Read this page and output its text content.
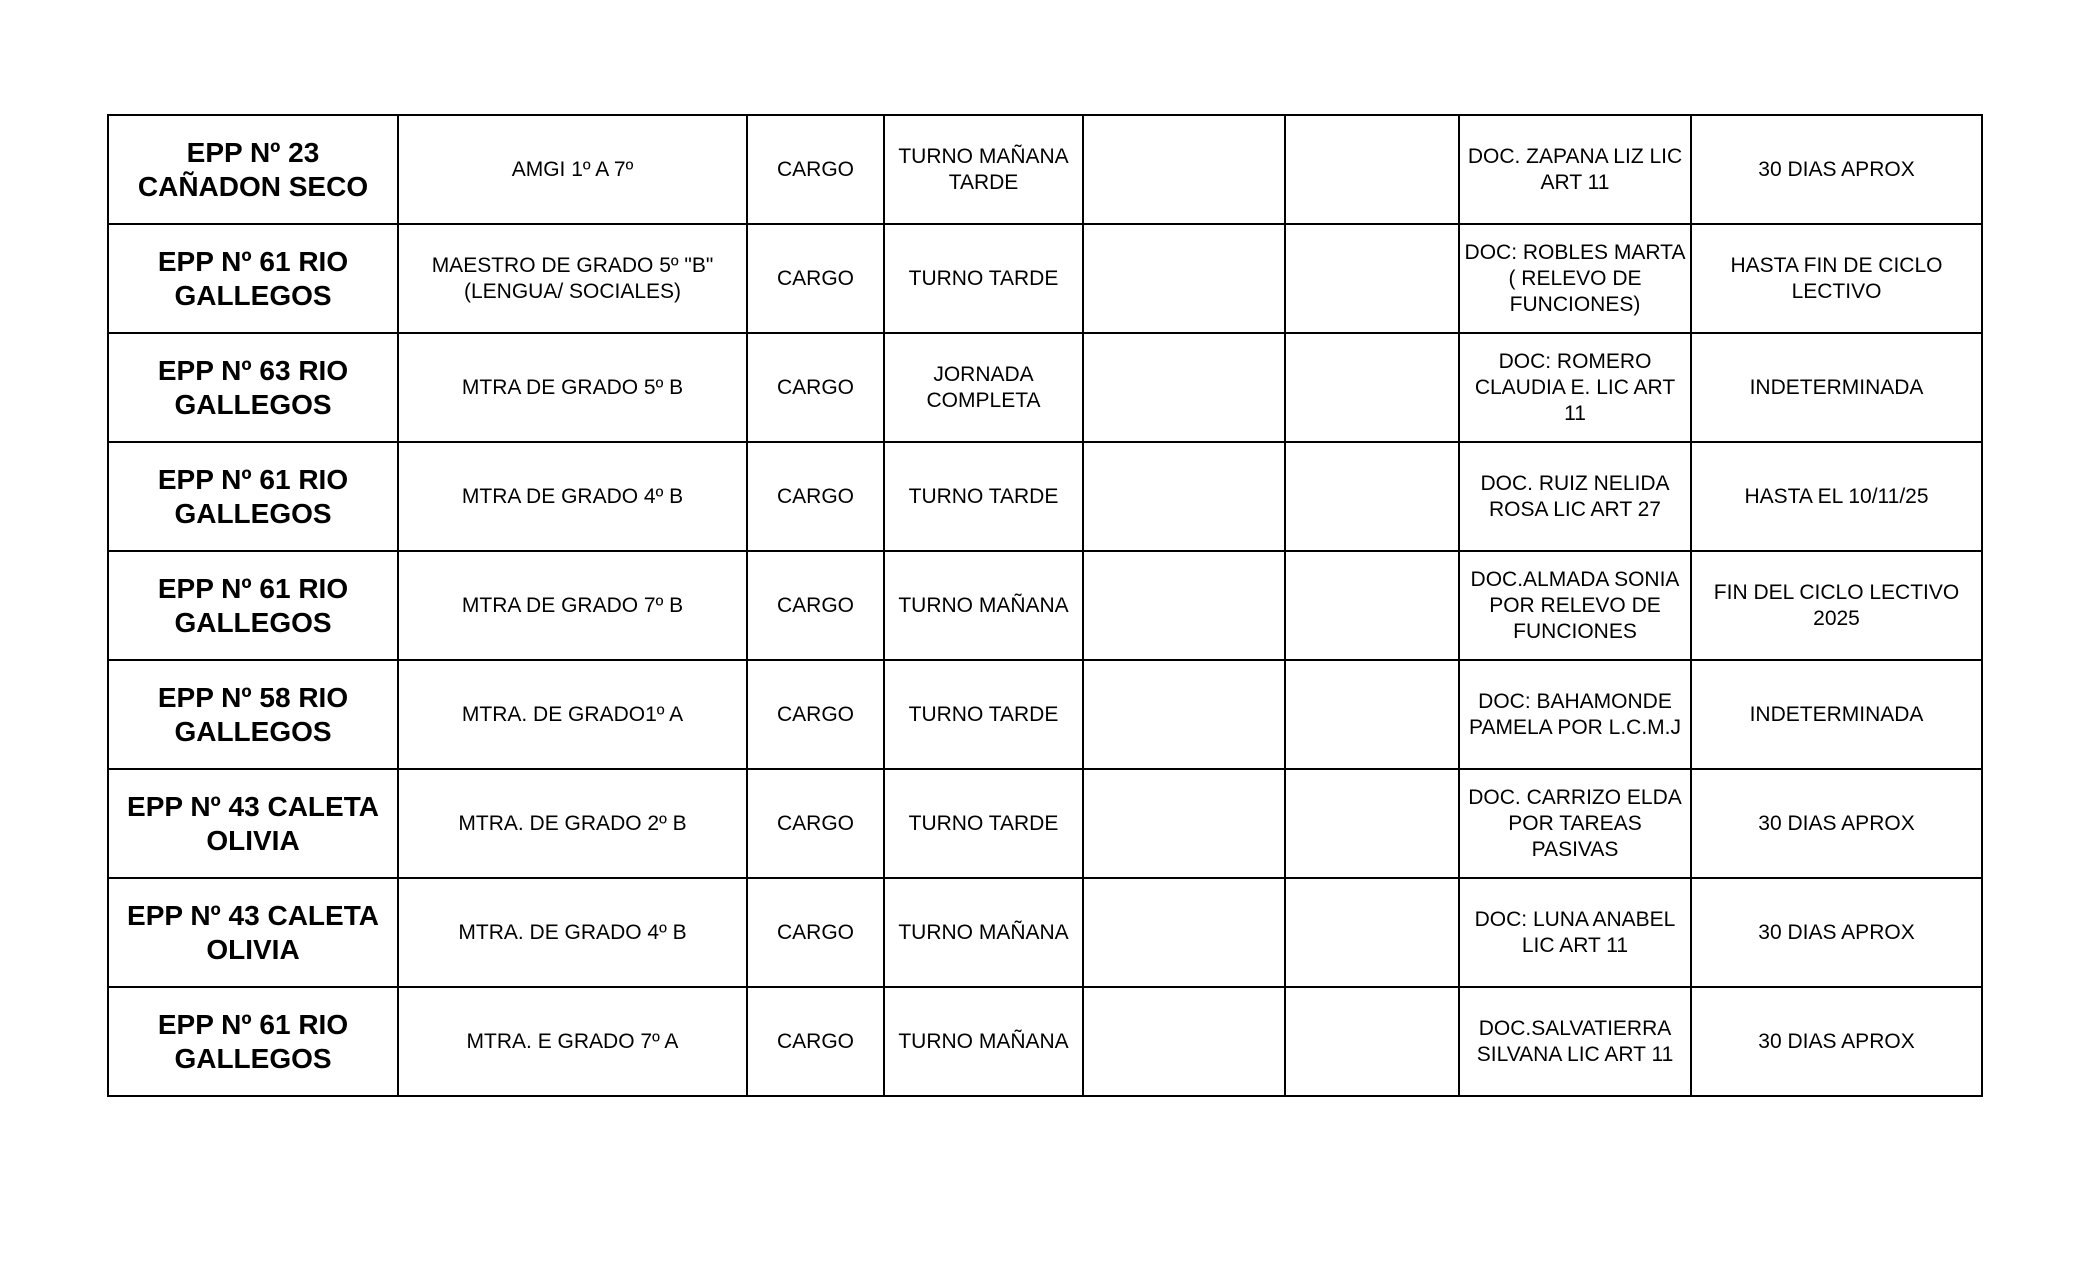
EPP Nº 23 CAÑADON SECO	AMGI 1º A 7º	CARGO	TURNO MAÑANA TARDE			DOC. ZAPANA LIZ LIC ART 11	30 DIAS APROX
EPP Nº 61 RIO GALLEGOS	MAESTRO DE GRADO 5º "B" (LENGUA/ SOCIALES)	CARGO	TURNO TARDE			DOC: ROBLES MARTA ( RELEVO DE FUNCIONES)	HASTA FIN DE CICLO LECTIVO
EPP Nº 63 RIO GALLEGOS	MTRA DE GRADO 5º B	CARGO	JORNADA COMPLETA			DOC: ROMERO CLAUDIA E. LIC ART 11	INDETERMINADA
EPP Nº 61 RIO GALLEGOS	MTRA DE GRADO 4º B	CARGO	TURNO TARDE			DOC. RUIZ NELIDA ROSA LIC ART 27	HASTA EL 10/11/25
EPP Nº 61 RIO GALLEGOS	MTRA DE GRADO 7º B	CARGO	TURNO MAÑANA			DOC.ALMADA SONIA POR RELEVO DE FUNCIONES	FIN DEL CICLO LECTIVO 2025
EPP Nº 58 RIO GALLEGOS	MTRA. DE GRADO1º A	CARGO	TURNO TARDE			DOC: BAHAMONDE PAMELA POR L.C.M.J	INDETERMINADA
EPP Nº 43 CALETA OLIVIA	MTRA. DE GRADO 2º B	CARGO	TURNO TARDE			DOC. CARRIZO ELDA POR TAREAS PASIVAS	30 DIAS APROX
EPP Nº 43 CALETA OLIVIA	MTRA. DE GRADO 4º B	CARGO	TURNO MAÑANA			DOC: LUNA ANABEL LIC ART 11	30 DIAS APROX
EPP Nº 61 RIO GALLEGOS	MTRA. E GRADO 7º A	CARGO	TURNO MAÑANA			DOC.SALVATIERRA SILVANA LIC ART 11	30 DIAS APROX
